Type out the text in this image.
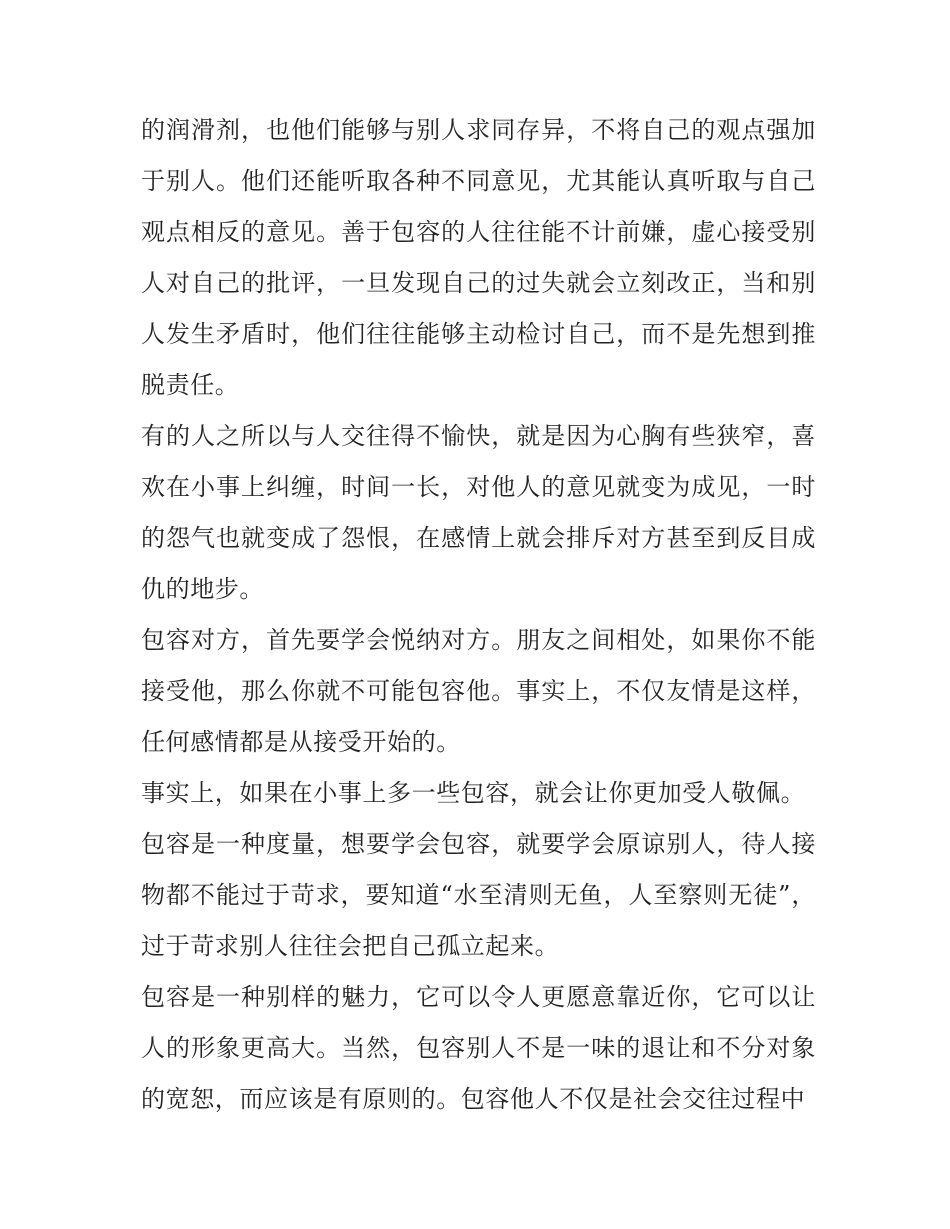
的润滑剂，也他们能够与别人求同存异，不将自己的观点强加于别人。他们还能听取各种不同意见，尤其能认真听取与自己观点相反的意见。善于包容的人往往能不计前嫌，虚心接受别人对自己的批评，一旦发现自己的过失就会立刻改正，当和别人发生矛盾时，他们往往能够主动检讨自己，而不是先想到推脱责任。

有的人之所以与人交往得不愉快，就是因为心胸有些狭窄，喜欢在小事上纠缠，时间一长，对他人的意见就变为成见，一时的怨气也就变成了怨恨，在感情上就会排斥对方甚至到反目成仇的地步。

包容对方，首先要学会悦纳对方。朋友之间相处，如果你不能接受他，那么你就不可能包容他。事实上，不仅友情是这样，任何感情都是从接受开始的。

事实上，如果在小事上多一些包容，就会让你更加受人敬佩。

包容是一种度量，想要学会包容，就要学会原谅别人，待人接物都不能过于苛求，要知道“水至清则无鱼，人至察则无徒”，过于苛求别人往往会把自己孤立起来。

包容是一种别样的魅力，它可以令人更愿意靠近你，它可以让人的形象更高大。当然，包容别人不是一味的退让和不分对象的宽恕，而应该是有原则的。包容他人不仅是社会交往过程中
